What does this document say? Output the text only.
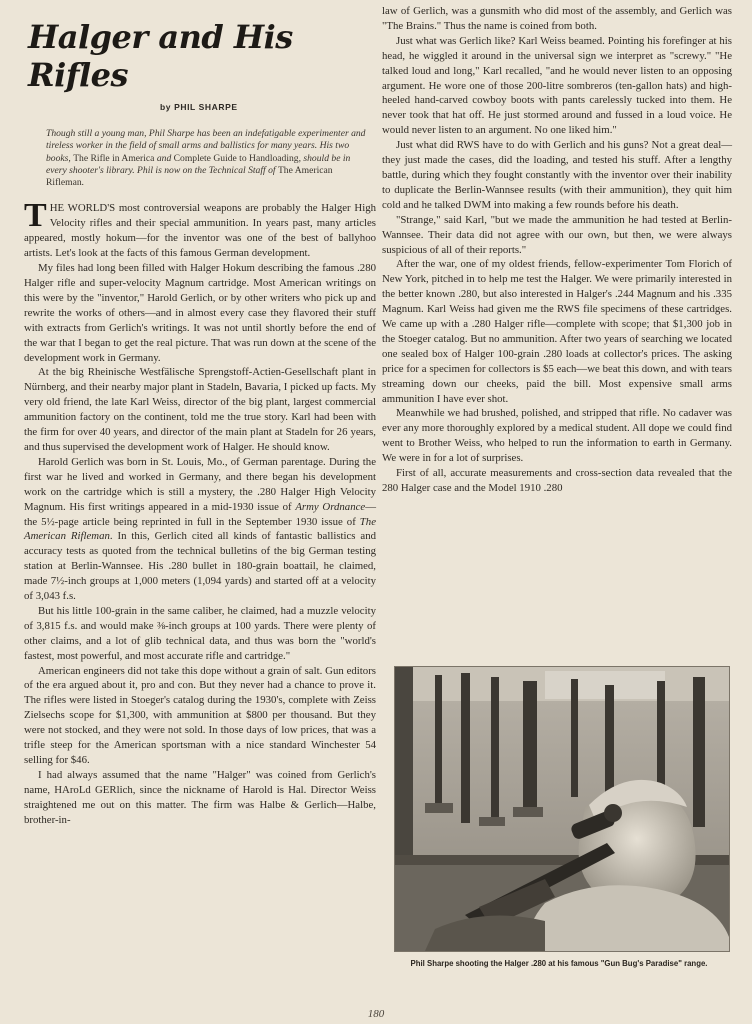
Halger and His Rifles
by PHIL SHARPE
Though still a young man, Phil Sharpe has been an indefatigable experimenter and tireless worker in the field of small arms and ballistics for many years. His two books, The Rifle in America and Complete Guide to Handloading, should be in every shooter's library. Phil is now on the Technical Staff of The American Rifleman.

THE WORLD'S most controversial weapons are probably the Halger High Velocity rifles and their special ammunition. In years past, many articles appeared, mostly hokum—for the inventor was one of the best of ballyhoo artists. Let's look at the facts of this famous German development.

My files had long been filled with Halger Hokum describing the famous .280 Halger rifle and super-velocity Magnum cartridge. Most American writings on this were by the "inventor," Harold Gerlich, or by other writers who pick up and rewrite the works of others—and in almost every case they flavored their stuff with extracts from Gerlich's writings. It was not until shortly before the end of the war that I began to get the real picture. That was run down at the scene of the development work in Germany.

At the big Rheinische Westfälische Sprengstoff-Actien-Gesellschaft plant in Nürnberg, and their nearby major plant in Stadeln, Bavaria, I picked up facts. My very old friend, the late Karl Weiss, director of the big plant, largest commercial ammunition factory on the continent, told me the true story. Karl had been with the firm for over 40 years, and director of the main plant at Stadeln for 26 years, and thus supervised the development work of Halger. He should know.

Harold Gerlich was born in St. Louis, Mo., of German parentage. During the first war he lived and worked in Germany, and there began his development work on the cartridge which is still a mystery, the .280 Halger High Velocity Magnum. His first writings appeared in a mid-1930 issue of Army Ordnance—the 5½-page article being reprinted in full in the September 1930 issue of The American Rifleman. In this, Gerlich cited all kinds of fantastic ballistics and accuracy tests as quoted from the technical bulletins of the big German testing station at Berlin-Wannsee. His .280 bullet in 180-grain boattail, he claimed, made 7½-inch groups at 1,000 meters (1,094 yards) and started off at a velocity of 3,043 f.s.

But his little 100-grain in the same caliber, he claimed, had a muzzle velocity of 3,815 f.s. and would make ⅜-inch groups at 100 yards. There were plenty of other claims, and a lot of glib technical data, and thus was born the "world's fastest, most powerful, and most accurate rifle and cartridge."

American engineers did not take this dope without a grain of salt. Gun editors of the era argued about it, pro and con. But they never had a chance to prove it. The rifles were listed in Stoeger's catalog during the 1930's, complete with Zeiss Zielsechs scope for $1,300, with ammunition at $800 per thousand. But they were not stocked, and they were not sold. In those days of low prices, that was a trifle steep for the American sportsman with a nice standard Winchester 54 selling for $46.

I had always assumed that the name "Halger" was coined from Gerlich's name, HAroLd GERlich, since the nickname of Harold is Hal. Director Weiss straightened me out on this matter. The firm was Halbe & Gerlich—Halbe, brother-in-

law of Gerlich, was a gunsmith who did most of the assembly, and Gerlich was "The Brains." Thus the name is coined from both.

Just what was Gerlich like? Karl Weiss beamed. Pointing his forefinger at his head, he wiggled it around in the universal sign we interpret as "screwy." "He talked loud and long," Karl recalled, "and he would never listen to an opposing argument. He wore one of those 200-litre sombreros (ten-gallon hats) and high-heeled hand-carved cowboy boots with pants carelessly tucked into them. He never took that hat off. He just stormed around and fussed in a loud voice. He would never listen to an argument. No one liked him."

Just what did RWS have to do with Gerlich and his guns? Not a great deal—they just made the cases, did the loading, and tested his stuff. After a lengthy battle, during which they fought constantly with the inventor over their inability to duplicate the Berlin-Wannsee results (with their ammunition), they quit him cold and he talked DWM into making a few rounds before his death.

"Strange," said Karl, "but we made the ammunition he had tested at Berlin-Wannsee. Their data did not agree with our own, but then, we were always suspicious of all of their reports."

After the war, one of my oldest friends, fellow-experimenter Tom Florich of New York, pitched in to help me test the Halger. We were primarily interested in the better known .280, but also interested in Halger's .244 Magnum and his .335 Magnum. Karl Weiss had given me the RWS file specimens of these cartridges. We came up with a .280 Halger rifle—complete with scope; that $1,300 job in the Stoeger catalog. But no ammunition. After two years of searching we located one sealed box of Halger 100-grain .280 loads at collector's prices. The asking price for a specimen for collectors is $5 each—we beat this down, and with tears streaming down our cheeks, paid the bill. Most expensive small arms ammunition I have ever shot.

Meanwhile we had brushed, polished, and stripped that rifle. No cadaver was ever any more thoroughly explored by a medical student. All dope we could find went to Brother Weiss, who helped to run the information to earth in Germany. We were in for a lot of surprises.

First of all, accurate measurements and cross-section data revealed that the 280 Halger case and the Model 1910 .280

Phil Sharpe shooting the Halger .280 at his famous "Gun Bug's Paradise" range.
180
